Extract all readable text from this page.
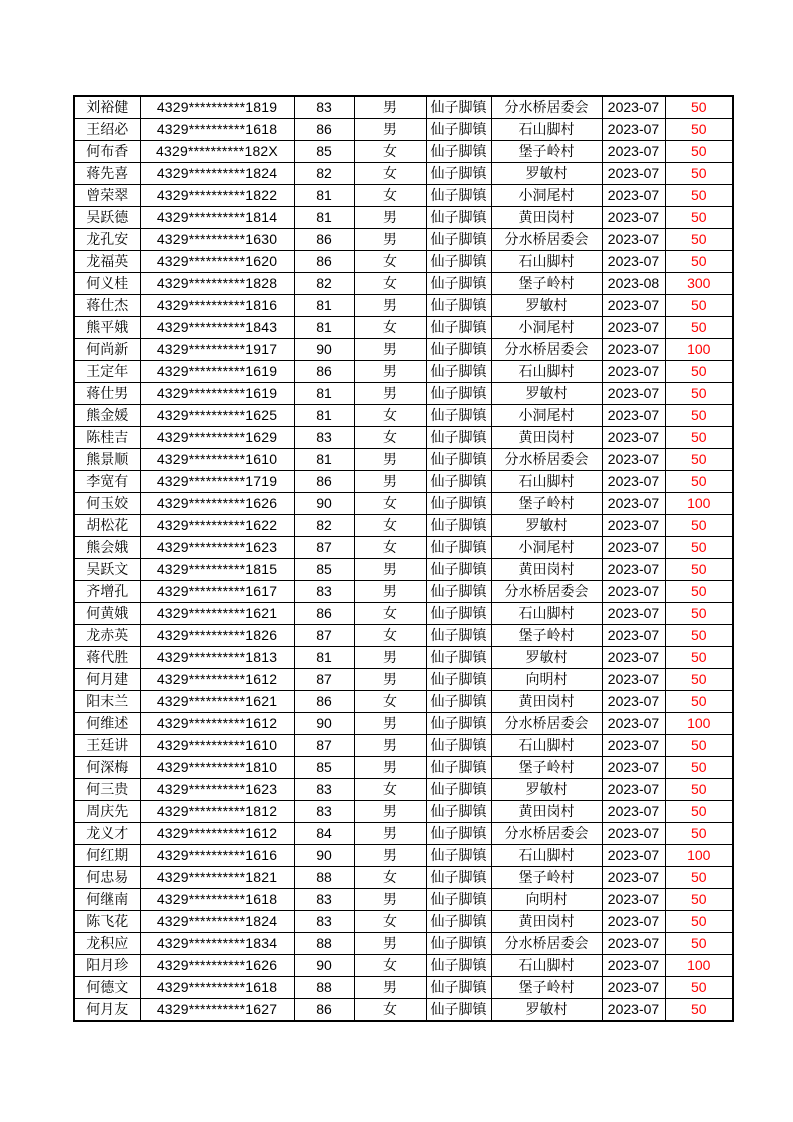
刘裕健	4329**********1819	83	男	仙子脚镇	分水桥居委会	2023-07	50
王绍必	4329**********1618	86	男	仙子脚镇	石山脚村	2023-07	50
何布香	4329**********182X	85	女	仙子脚镇	堡子岭村	2023-07	50
蒋先喜	4329**********1824	82	女	仙子脚镇	罗敏村	2023-07	50
曾荣翠	4329**********1822	81	女	仙子脚镇	小洞尾村	2023-07	50
吴跃德	4329**********1814	81	男	仙子脚镇	黄田岗村	2023-07	50
龙孔安	4329**********1630	86	男	仙子脚镇	分水桥居委会	2023-07	50
龙福英	4329**********1620	86	女	仙子脚镇	石山脚村	2023-07	50
何义桂	4329**********1828	82	女	仙子脚镇	堡子岭村	2023-08	300
蒋仕杰	4329**********1816	81	男	仙子脚镇	罗敏村	2023-07	50
熊平娥	4329**********1843	81	女	仙子脚镇	小洞尾村	2023-07	50
何尚新	4329**********1917	90	男	仙子脚镇	分水桥居委会	2023-07	100
王定年	4329**********1619	86	男	仙子脚镇	石山脚村	2023-07	50
蒋仕男	4329**********1619	81	男	仙子脚镇	罗敏村	2023-07	50
熊金媛	4329**********1625	81	女	仙子脚镇	小洞尾村	2023-07	50
陈桂吉	4329**********1629	83	女	仙子脚镇	黄田岗村	2023-07	50
熊景顺	4329**********1610	81	男	仙子脚镇	分水桥居委会	2023-07	50
李宽有	4329**********1719	86	男	仙子脚镇	石山脚村	2023-07	50
何玉姣	4329**********1626	90	女	仙子脚镇	堡子岭村	2023-07	100
胡松花	4329**********1622	82	女	仙子脚镇	罗敏村	2023-07	50
熊会娥	4329**********1623	87	女	仙子脚镇	小洞尾村	2023-07	50
吴跃文	4329**********1815	85	男	仙子脚镇	黄田岗村	2023-07	50
齐增孔	4329**********1617	83	男	仙子脚镇	分水桥居委会	2023-07	50
何黄娥	4329**********1621	86	女	仙子脚镇	石山脚村	2023-07	50
龙赤英	4329**********1826	87	女	仙子脚镇	堡子岭村	2023-07	50
蒋代胜	4329**********1813	81	男	仙子脚镇	罗敏村	2023-07	50
何月建	4329**********1612	87	男	仙子脚镇	向明村	2023-07	50
阳末兰	4329**********1621	86	女	仙子脚镇	黄田岗村	2023-07	50
何维述	4329**********1612	90	男	仙子脚镇	分水桥居委会	2023-07	100
王廷讲	4329**********1610	87	男	仙子脚镇	石山脚村	2023-07	50
何深梅	4329**********1810	85	男	仙子脚镇	堡子岭村	2023-07	50
何三贵	4329**********1623	83	女	仙子脚镇	罗敏村	2023-07	50
周庆先	4329**********1812	83	男	仙子脚镇	黄田岗村	2023-07	50
龙义才	4329**********1612	84	男	仙子脚镇	分水桥居委会	2023-07	50
何红期	4329**********1616	90	男	仙子脚镇	石山脚村	2023-07	100
何忠易	4329**********1821	88	女	仙子脚镇	堡子岭村	2023-07	50
何继南	4329**********1618	83	男	仙子脚镇	向明村	2023-07	50
陈飞花	4329**********1824	83	女	仙子脚镇	黄田岗村	2023-07	50
龙积应	4329**********1834	88	男	仙子脚镇	分水桥居委会	2023-07	50
阳月珍	4329**********1626	90	女	仙子脚镇	石山脚村	2023-07	100
何德文	4329**********1618	88	男	仙子脚镇	堡子岭村	2023-07	50
何月友	4329**********1627	86	女	仙子脚镇	罗敏村	2023-07	50
